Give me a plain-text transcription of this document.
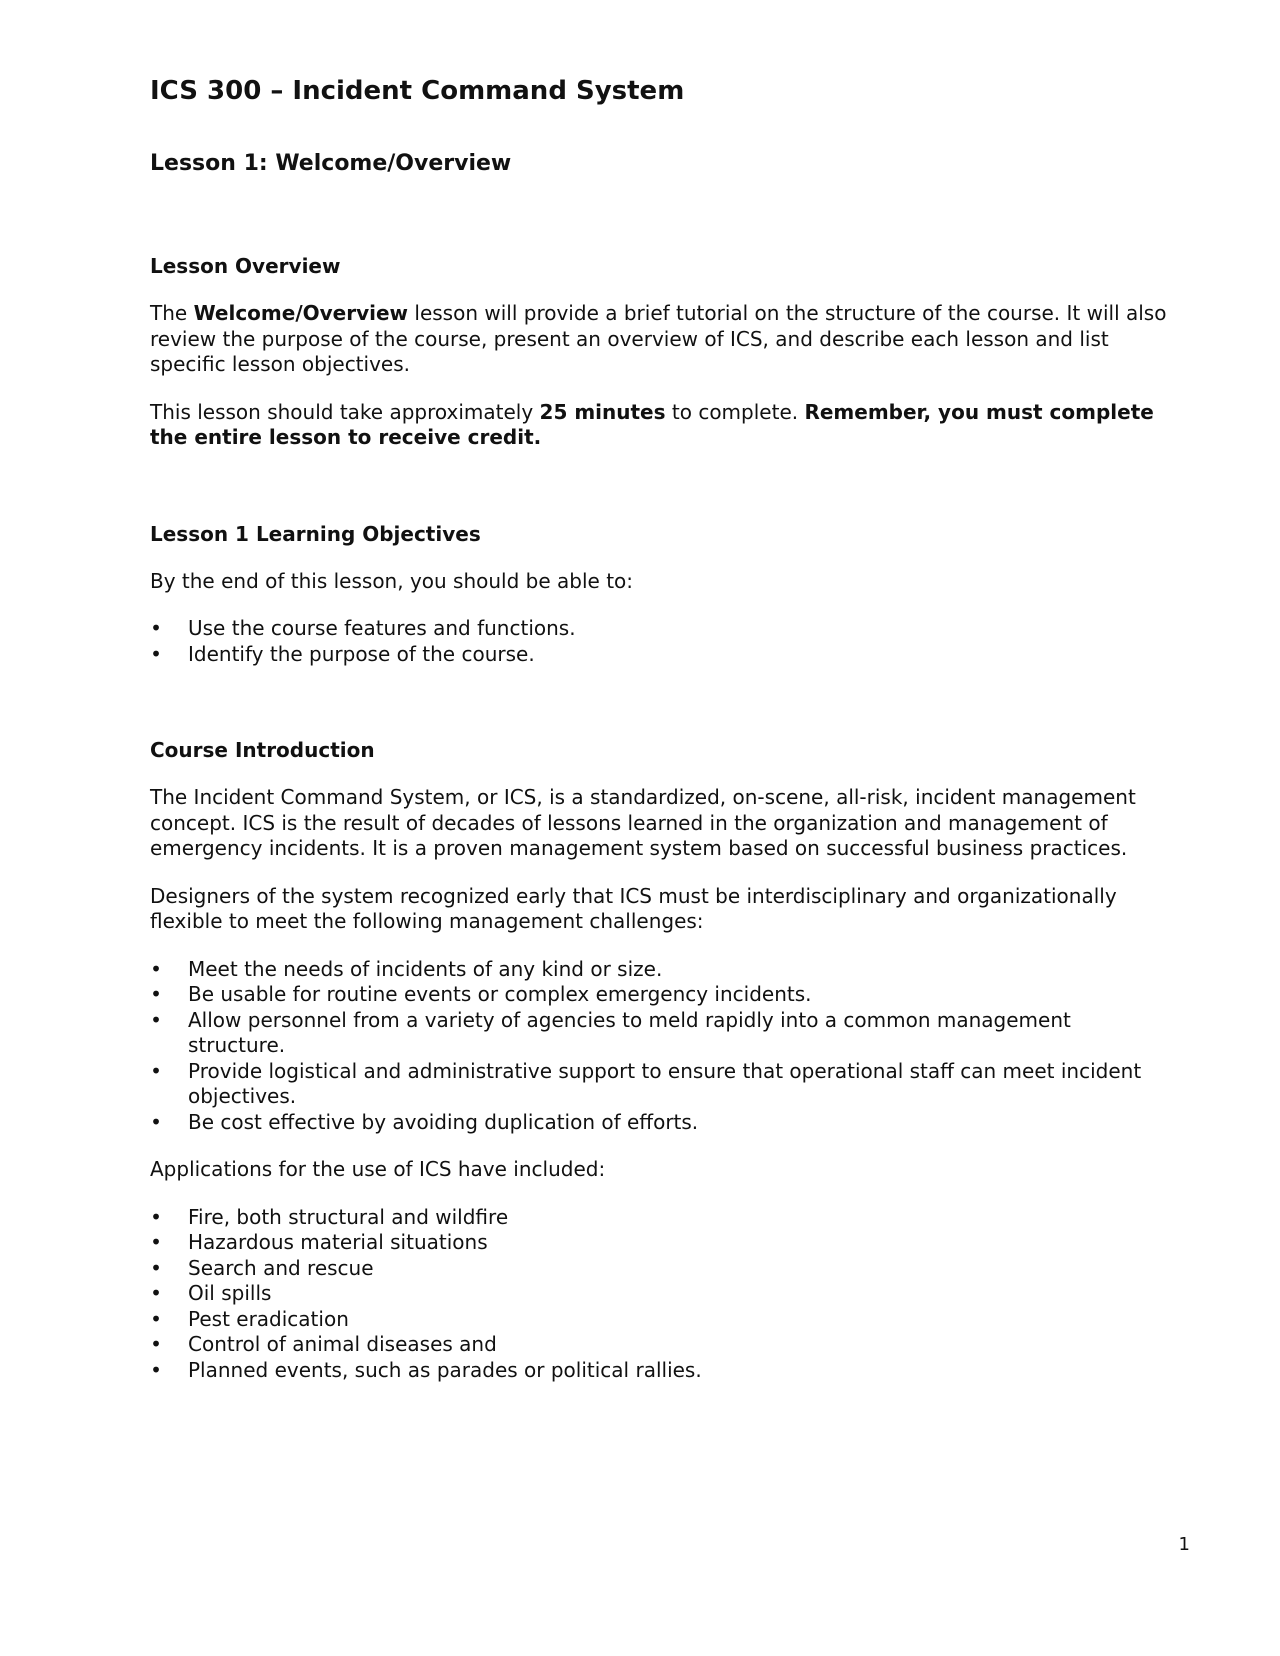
ICS 300 – Incident Command System
Lesson 1: Welcome/Overview
Lesson Overview

The Welcome/Overview lesson will provide a brief tutorial on the structure of the course. It will also review the purpose of the course, present an overview of ICS, and describe each lesson and list specific lesson objectives.

This lesson should take approximately 25 minutes to complete. Remember, you must complete the entire lesson to receive credit.

Lesson 1 Learning Objectives

By the end of this lesson, you should be able to:

• Use the course features and functions.
• Identify the purpose of the course.
Course Introduction

The Incident Command System, or ICS, is a standardized, on-scene, all-risk, incident management concept. ICS is the result of decades of lessons learned in the organization and management of emergency incidents. It is a proven management system based on successful business practices.

Designers of the system recognized early that ICS must be interdisciplinary and organizationally flexible to meet the following management challenges:

• Meet the needs of incidents of any kind or size.
• Be usable for routine events or complex emergency incidents.
• Allow personnel from a variety of agencies to meld rapidly into a common management structure.
• Provide logistical and administrative support to ensure that operational staff can meet incident objectives.
• Be cost effective by avoiding duplication of efforts.

Applications for the use of ICS have included:

• Fire, both structural and wildfire
• Hazardous material situations
• Search and rescue
• Oil spills
• Pest eradication
• Control of animal diseases and
• Planned events, such as parades or political rallies.
1
